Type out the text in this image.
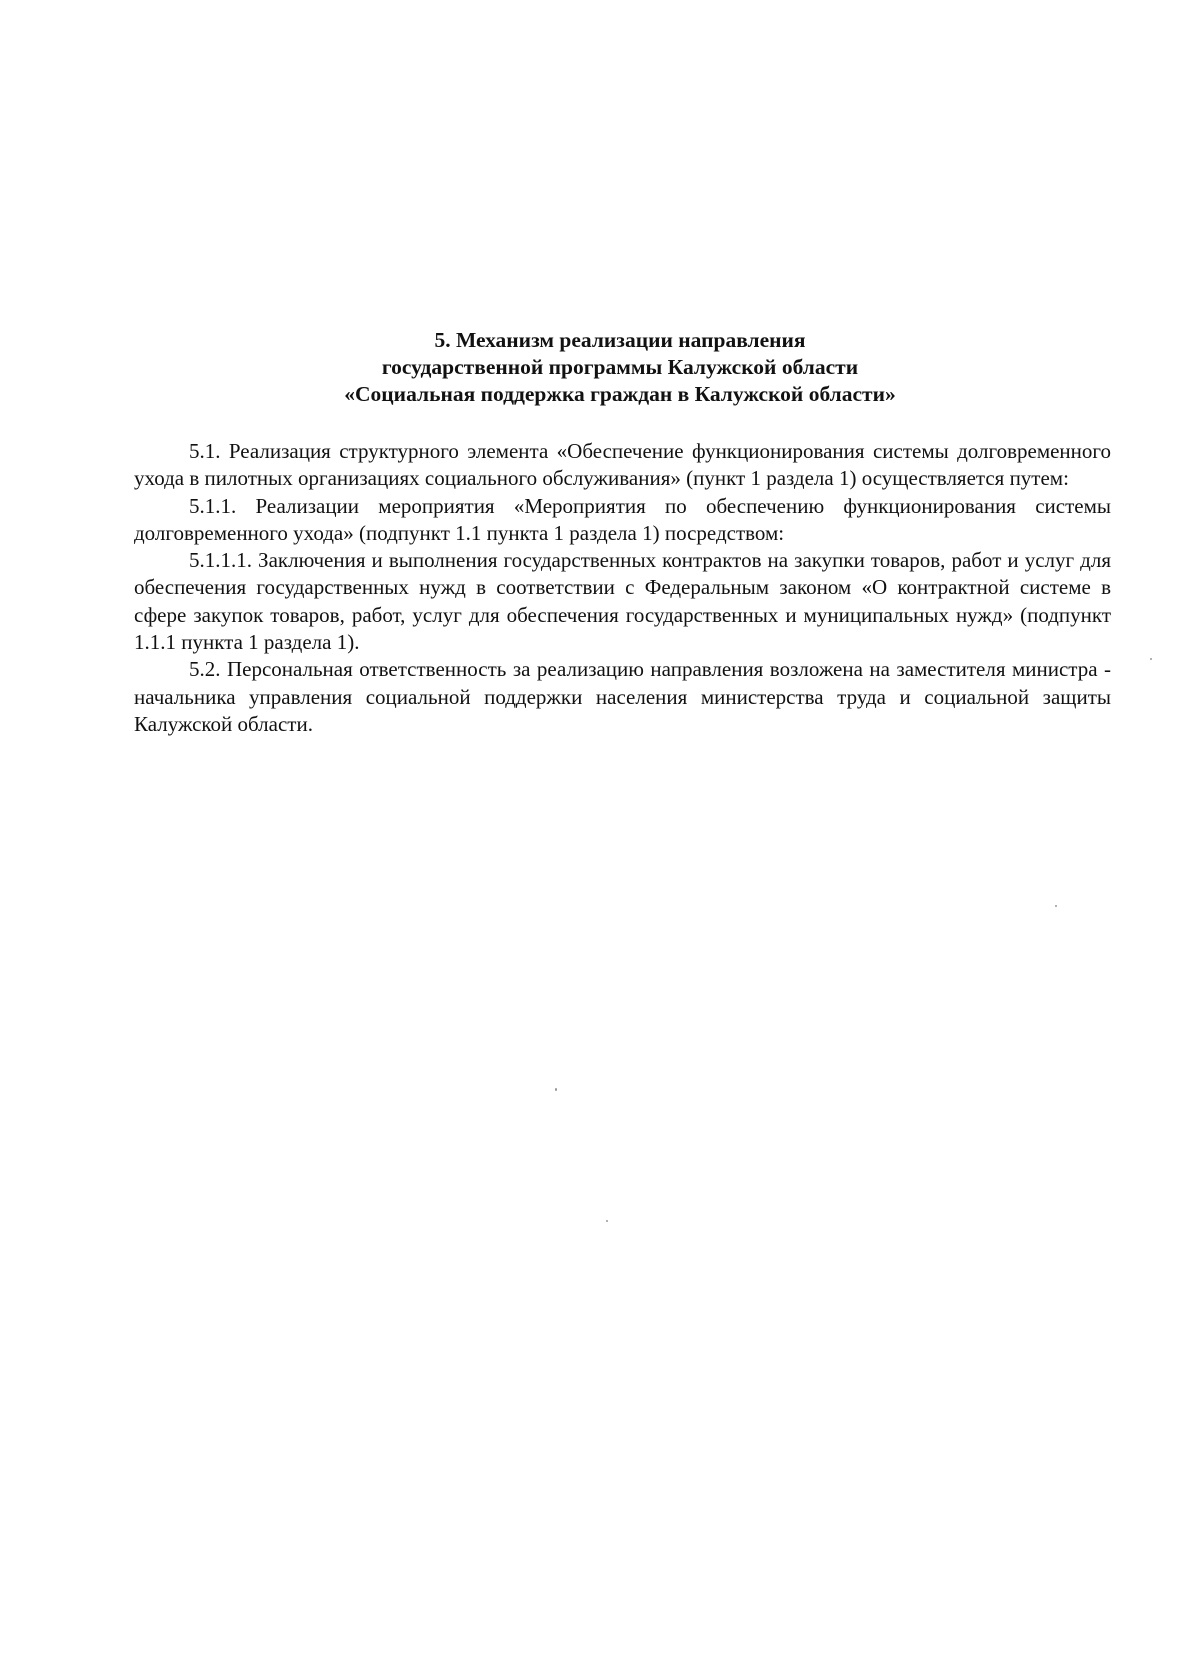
5. Механизм реализации направления
государственной программы Калужской области
«Социальная поддержка граждан в Калужской области»

5.1. Реализация структурного элемента «Обеспечение функционирования системы долговременного ухода в пилотных организациях социального обслуживания» (пункт 1 раздела 1) осуществляется путем:

5.1.1. Реализации мероприятия «Мероприятия по обеспечению функционирования системы долговременного ухода» (подпункт 1.1 пункта 1 раздела 1) посредством:

5.1.1.1. Заключения и выполнения государственных контрактов на закупки товаров, работ и услуг для обеспечения государственных нужд в соответствии с Федеральным законом «О контрактной системе в сфере закупок товаров, работ, услуг для обеспечения государственных и муниципальных нужд» (подпункт 1.1.1 пункта 1 раздела 1).

5.2. Персональная ответственность за реализацию направления возложена на заместителя министра - начальника управления социальной поддержки населения министерства труда и социальной защиты Калужской области.
